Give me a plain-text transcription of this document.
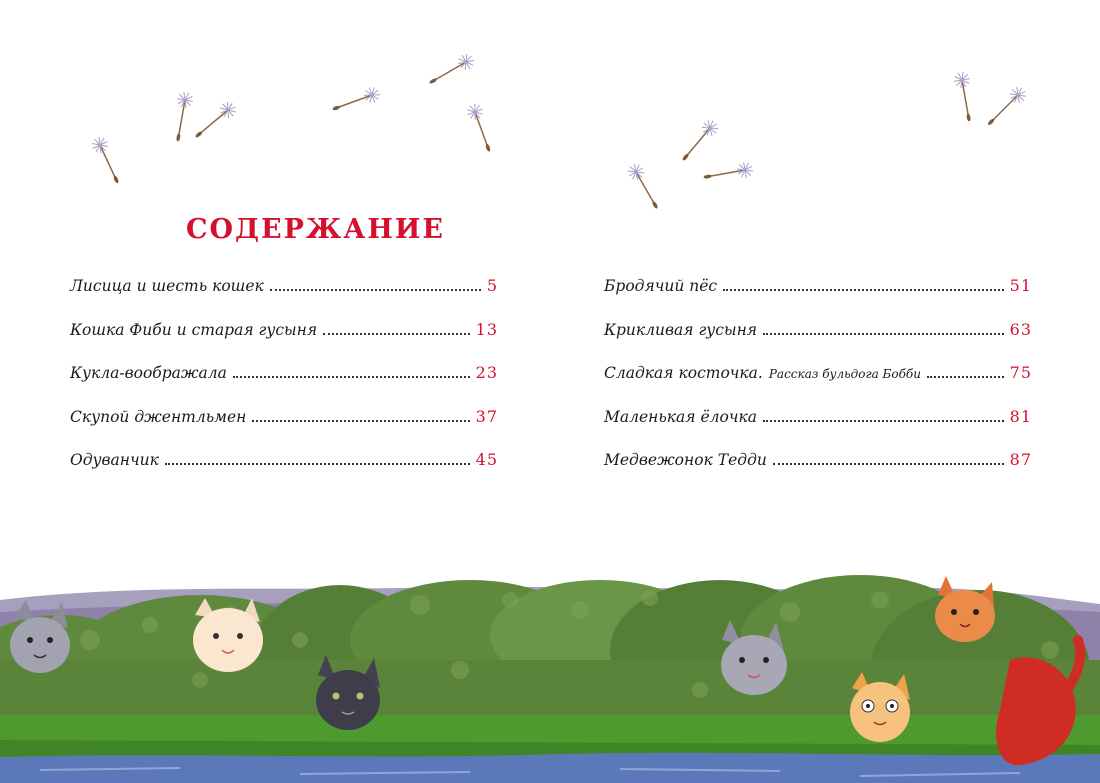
СОДЕРЖАНИЕ
Лисица и шесть кошек	5
Кошка Фиби и старая гусыня	13
Кукла-воображала	23
Скупой джентльмен	37
Одуванчик	45
Бродячий пёс	51
Крикливая гусыня	63
Сладкая косточка. Рассказ бульдога Бобби	75
Маленькая ёлочка	81
Медвежонок Тедди	87
